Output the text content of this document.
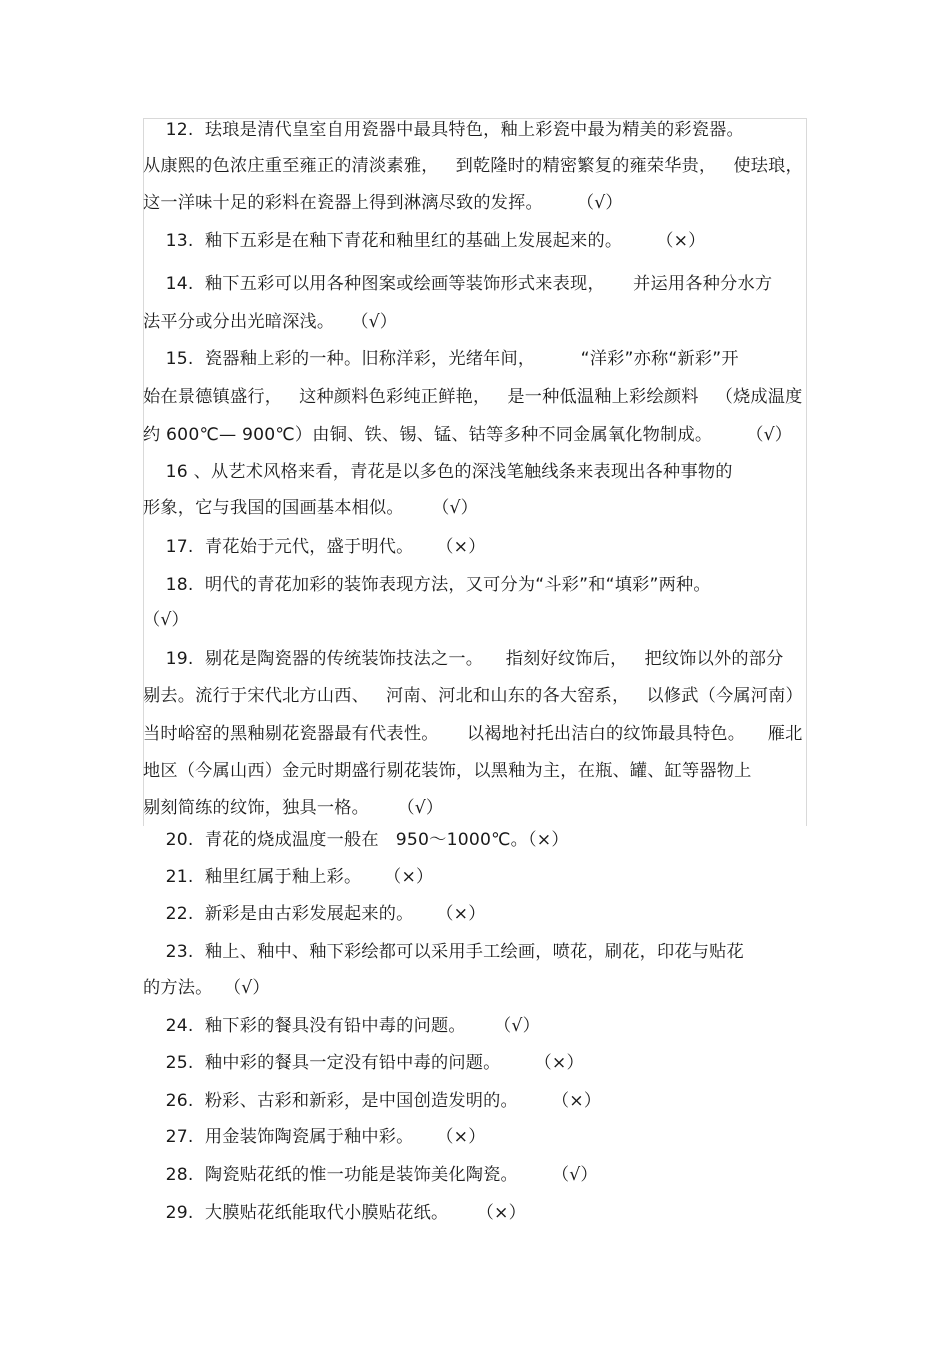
12.  珐琅是清代皇室自用瓷器中最具特色，釉上彩瓷中最为精美的彩瓷器。
从康熙的色浓庄重至雍正的清淡素雅，   到乾隆时的精密繁复的雍荣华贵，   使珐琅，
这一洋味十足的彩料在瓷器上得到淋漓尽致的发挥。      （√）
13.  釉下五彩是在釉下青花和釉里红的基础上发展起来的。      （×）
14.  釉下五彩可以用各种图案或绘画等装饰形式来表现，     并运用各种分水方
法平分或分出光暗深浅。   （√）
15.  瓷器釉上彩的一种。旧称洋彩，光绪年间，        “洋彩”亦称“新彩”开
始在景德镇盛行，   这种颜料色彩纯正鲜艳，   是一种低温釉上彩绘颜料   （烧成温度
约 600℃— 900℃）由铜、铁、锡、锰、钴等多种不同金属氧化物制成。      （√）
16 、从艺术风格来看，青花是以多色的深浅笔触线条来表现出各种事物的
形象，它与我国的国画基本相似。     （√）
17.  青花始于元代，盛于明代。    （×）
18.  明代的青花加彩的装饰表现方法，又可分为“斗彩”和“填彩”两种。
（√）
19.  剔花是陶瓷器的传统装饰技法之一。    指刻好纹饰后，   把纹饰以外的部分
剔去。流行于宋代北方山西、   河南、河北和山东的各大窑系，   以修武（今属河南）
当时峪窑的黑釉剔花瓷器最有代表性。     以褐地衬托出洁白的纹饰最具特色。    雁北
地区（今属山西）金元时期盛行剔花装饰，以黑釉为主，在瓶、罐、缸等器物上
剔刻简练的纹饰，独具一格。     （√）
20.  青花的烧成温度一般在   950～1000℃。（×）
21.  釉里红属于釉上彩。    （×）
22.  新彩是由古彩发展起来的。    （×）
23.  釉上、釉中、釉下彩绘都可以采用手工绘画，喷花，刷花，印花与贴花
的方法。  （√）
24.  釉下彩的餐具没有铅中毒的问题。     （√）
25.  釉中彩的餐具一定没有铅中毒的问题。      （×）
26.  粉彩、古彩和新彩，是中国创造发明的。      （×）
27.  用金装饰陶瓷属于釉中彩。    （×）
28.  陶瓷贴花纸的惟一功能是装饰美化陶瓷。      （√）
29.  大膜贴花纸能取代小膜贴花纸。     （×）
